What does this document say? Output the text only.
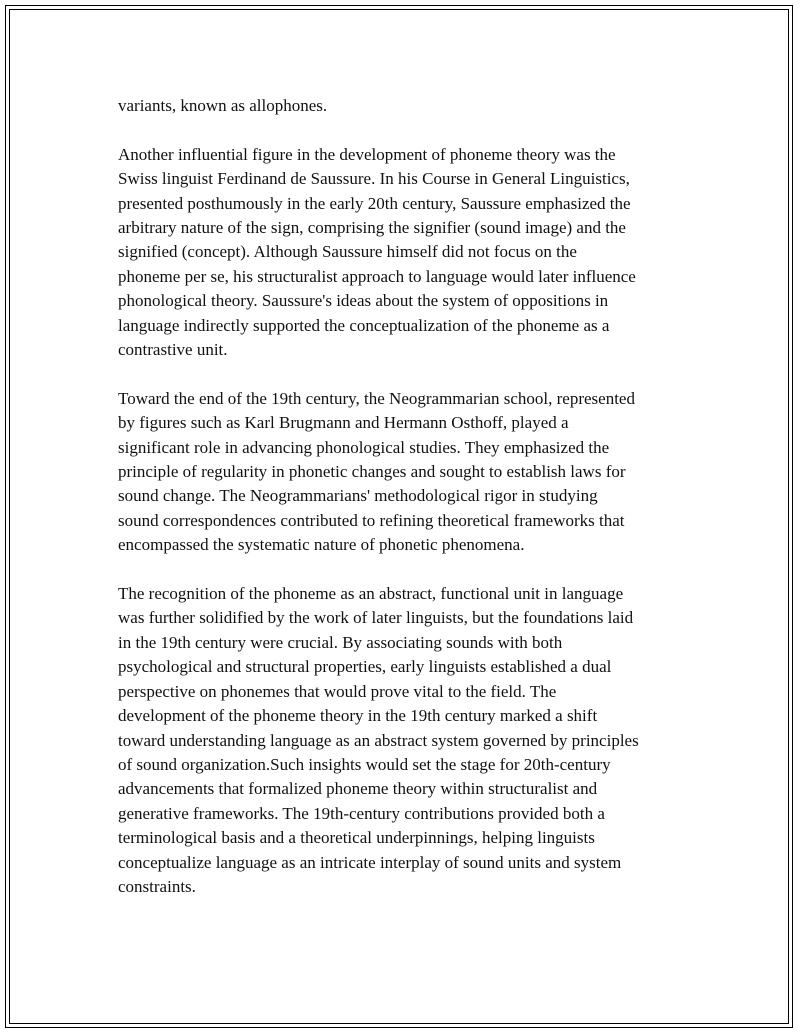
variants, known as allophones.

Another influential figure in the development of phoneme theory was the
Swiss linguist Ferdinand de Saussure. In his Course in General Linguistics,
presented posthumously in the early 20th century, Saussure emphasized the
arbitrary nature of the sign, comprising the signifier (sound image) and the
signified (concept). Although Saussure himself did not focus on the
phoneme per se, his structuralist approach to language would later influence
phonological theory. Saussure's ideas about the system of oppositions in
language indirectly supported the conceptualization of the phoneme as a
contrastive unit.

Toward the end of the 19th century, the Neogrammarian school, represented
by figures such as Karl Brugmann and Hermann Osthoff, played a
significant role in advancing phonological studies. They emphasized the
principle of regularity in phonetic changes and sought to establish laws for
sound change. The Neogrammarians' methodological rigor in studying
sound correspondences contributed to refining theoretical frameworks that
encompassed the systematic nature of phonetic phenomena.

The recognition of the phoneme as an abstract, functional unit in language
was further solidified by the work of later linguists, but the foundations laid
in the 19th century were crucial. By associating sounds with both
psychological and structural properties, early linguists established a dual
perspective on phonemes that would prove vital to the field. The
development of the phoneme theory in the 19th century marked a shift
toward understanding language as an abstract system governed by principles
of sound organization.Such insights would set the stage for 20th-century
advancements that formalized phoneme theory within structuralist and
generative frameworks. The 19th-century contributions provided both a
terminological basis and a theoretical underpinnings, helping linguists
conceptualize language as an intricate interplay of sound units and system
constraints.
